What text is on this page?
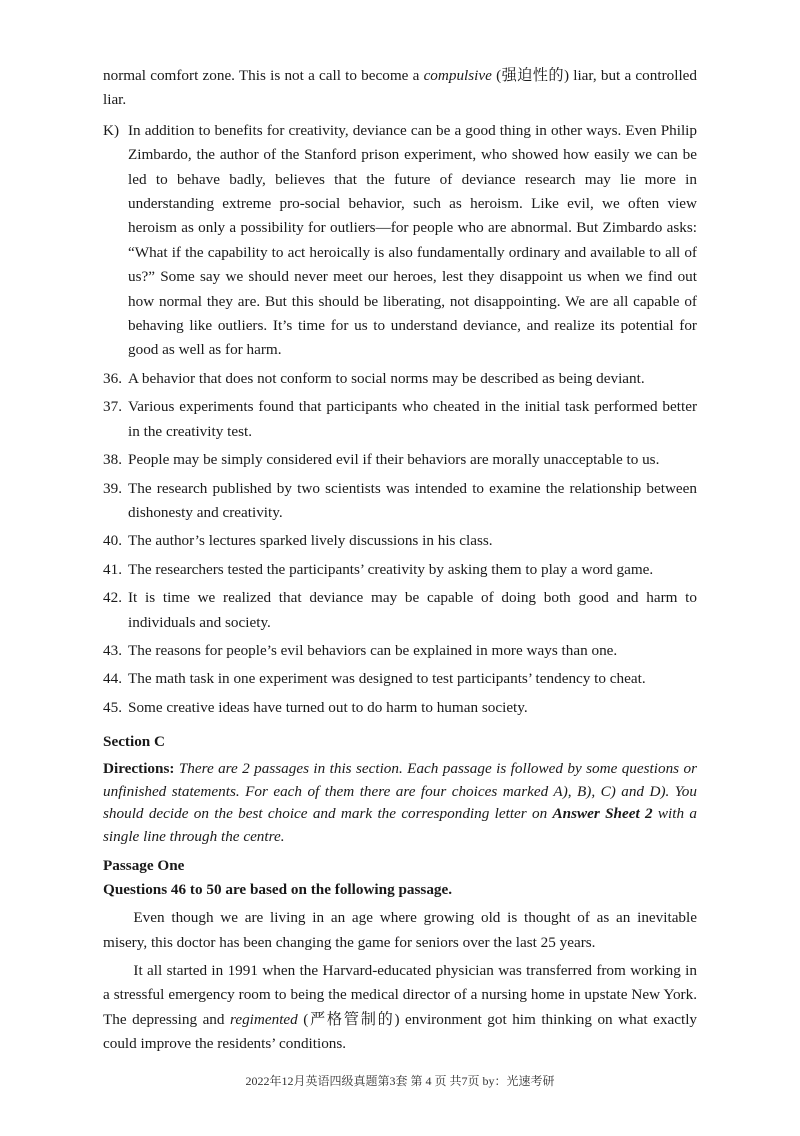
normal comfort zone. This is not a call to become a compulsive (强迫性的) liar, but a controlled liar.
K) In addition to benefits for creativity, deviance can be a good thing in other ways. Even Philip Zimbardo, the author of the Stanford prison experiment, who showed how easily we can be led to behave badly, believes that the future of deviance research may lie more in understanding extreme pro-social behavior, such as heroism. Like evil, we often view heroism as only a possibility for outliers—for people who are abnormal. But Zimbardo asks: “What if the capability to act heroically is also fundamentally ordinary and available to all of us?” Some say we should never meet our heroes, lest they disappoint us when we find out how normal they are. But this should be liberating, not disappointing. We are all capable of behaving like outliers. It’s time for us to understand deviance, and realize its potential for good as well as for harm.
36. A behavior that does not conform to social norms may be described as being deviant.
37. Various experiments found that participants who cheated in the initial task performed better in the creativity test.
38. People may be simply considered evil if their behaviors are morally unacceptable to us.
39. The research published by two scientists was intended to examine the relationship between dishonesty and creativity.
40. The author’s lectures sparked lively discussions in his class.
41. The researchers tested the participants’ creativity by asking them to play a word game.
42. It is time we realized that deviance may be capable of doing both good and harm to individuals and society.
43. The reasons for people’s evil behaviors can be explained in more ways than one.
44. The math task in one experiment was designed to test participants’ tendency to cheat.
45. Some creative ideas have turned out to do harm to human society.
Section C
Directions: There are 2 passages in this section. Each passage is followed by some questions or unfinished statements. For each of them there are four choices marked A), B), C) and D). You should decide on the best choice and mark the corresponding letter on Answer Sheet 2 with a single line through the centre.
Passage One
Questions 46 to 50 are based on the following passage.
Even though we are living in an age where growing old is thought of as an inevitable misery, this doctor has been changing the game for seniors over the last 25 years.
It all started in 1991 when the Harvard-educated physician was transferred from working in a stressful emergency room to being the medical director of a nursing home in upstate New York. The depressing and regimented (严格管制的) environment got him thinking on what exactly could improve the residents’ conditions.
2022年12月英语四级真题第3套 第 4 页 共7页 by：光速考研
